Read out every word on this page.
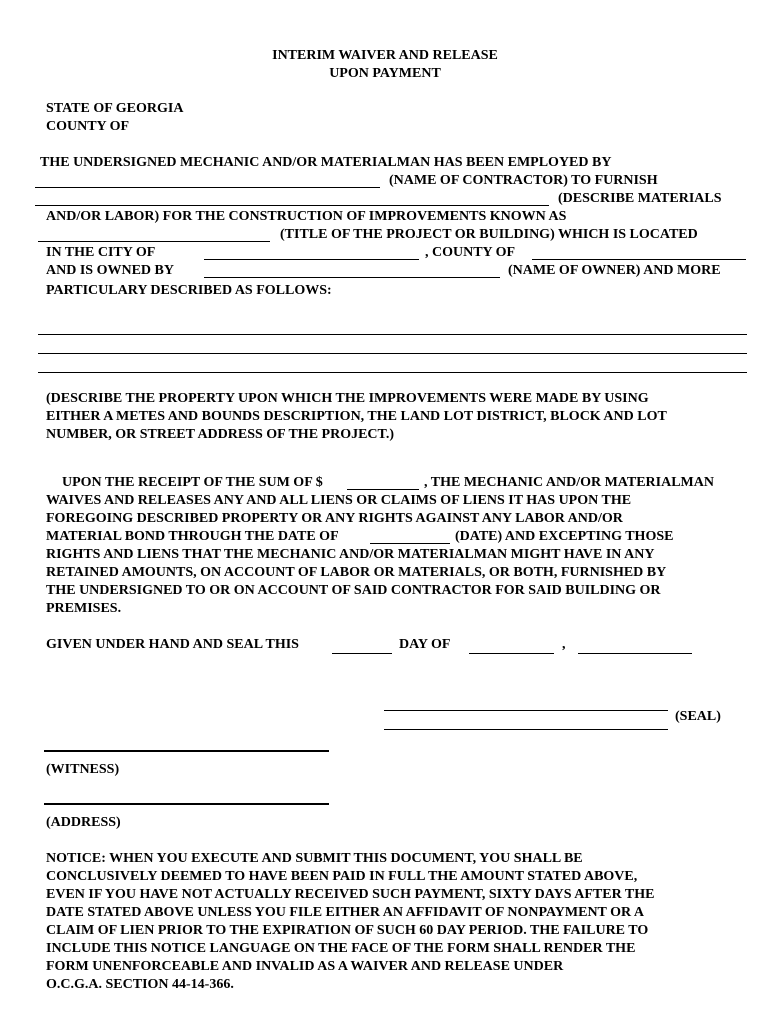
INTERIM WAIVER AND RELEASE
UPON PAYMENT
STATE OF GEORGIA
COUNTY OF
THE UNDERSIGNED MECHANIC AND/OR MATERIALMAN HAS BEEN EMPLOYED BY
(NAME OF CONTRACTOR) TO FURNISH
(DESCRIBE MATERIALS
AND/OR LABOR) FOR THE CONSTRUCTION OF IMPROVEMENTS KNOWN AS
(TITLE OF THE PROJECT OR BUILDING) WHICH IS LOCATED
IN THE CITY OF	, COUNTY OF
AND IS OWNED BY	(NAME OF OWNER) AND MORE
PARTICULARY DESCRIBED AS FOLLOWS:
(DESCRIBE THE PROPERTY UPON WHICH THE IMPROVEMENTS WERE MADE BY USING
EITHER A METES AND BOUNDS DESCRIPTION, THE LAND LOT DISTRICT, BLOCK AND LOT
NUMBER, OR STREET ADDRESS OF THE PROJECT.)
UPON THE RECEIPT OF THE SUM OF $	, THE MECHANIC AND/OR MATERIALMAN
WAIVES AND RELEASES ANY AND ALL LIENS OR CLAIMS OF LIENS IT HAS UPON THE
FOREGOING DESCRIBED PROPERTY OR ANY RIGHTS AGAINST ANY LABOR AND/OR
MATERIAL BOND THROUGH THE DATE OF	(DATE) AND EXCEPTING THOSE
RIGHTS AND LIENS THAT THE MECHANIC AND/OR MATERIALMAN MIGHT HAVE IN ANY
RETAINED AMOUNTS, ON ACCOUNT OF LABOR OR MATERIALS, OR BOTH, FURNISHED BY
THE UNDERSIGNED TO OR ON ACCOUNT OF SAID CONTRACTOR FOR SAID BUILDING OR
PREMISES.
GIVEN UNDER HAND AND SEAL THIS	DAY OF	,
(SEAL)
(WITNESS)
(ADDRESS)
NOTICE: WHEN YOU EXECUTE AND SUBMIT THIS DOCUMENT, YOU SHALL BE
CONCLUSIVELY DEEMED TO HAVE BEEN PAID IN FULL THE AMOUNT STATED ABOVE,
EVEN IF YOU HAVE NOT ACTUALLY RECEIVED SUCH PAYMENT, SIXTY DAYS AFTER THE
DATE STATED ABOVE UNLESS YOU FILE EITHER AN AFFIDAVIT OF NONPAYMENT OR A
CLAIM OF LIEN PRIOR TO THE EXPIRATION OF SUCH 60 DAY PERIOD. THE FAILURE TO
INCLUDE THIS NOTICE LANGUAGE ON THE FACE OF THE FORM SHALL RENDER THE
FORM UNENFORCEABLE AND INVALID AS A WAIVER AND RELEASE UNDER
O.C.G.A. SECTION 44-14-366.
